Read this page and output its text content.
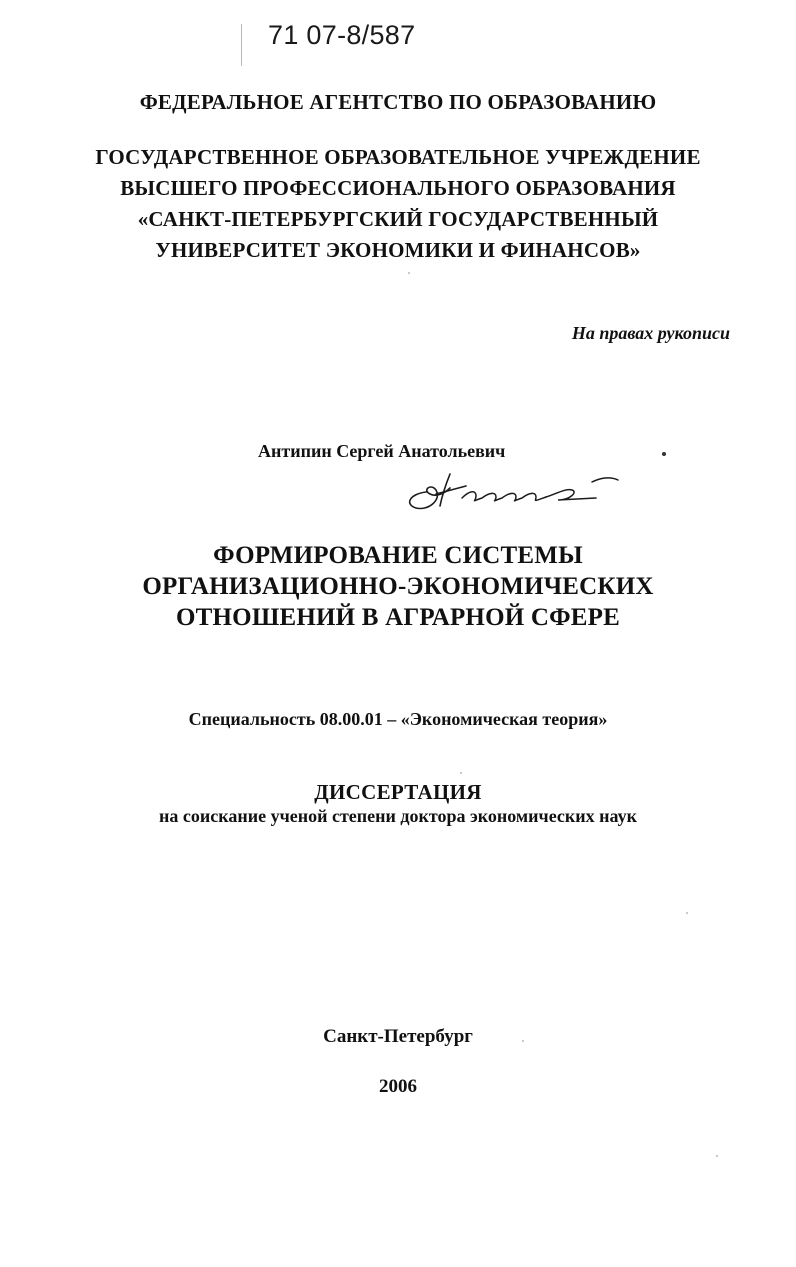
71 07-8/587
ФЕДЕРАЛЬНОЕ АГЕНТСТВО ПО ОБРАЗОВАНИЮ
ГОСУДАРСТВЕННОЕ ОБРАЗОВАТЕЛЬНОЕ УЧРЕЖДЕНИЕ
ВЫСШЕГО ПРОФЕССИОНАЛЬНОГО ОБРАЗОВАНИЯ
«САНКТ-ПЕТЕРБУРГСКИЙ ГОСУДАРСТВЕННЫЙ
УНИВЕРСИТЕТ ЭКОНОМИКИ И ФИНАНСОВ»
На правах рукописи
Антипин Сергей Анатольевич
ФОРМИРОВАНИЕ СИСТЕМЫ
ОРГАНИЗАЦИОННО-ЭКОНОМИЧЕСКИХ
ОТНОШЕНИЙ В АГРАРНОЙ СФЕРЕ
Специальность 08.00.01 – «Экономическая теория»
ДИССЕРТАЦИЯ
на соискание ученой степени доктора экономических наук
Санкт-Петербург
2006
